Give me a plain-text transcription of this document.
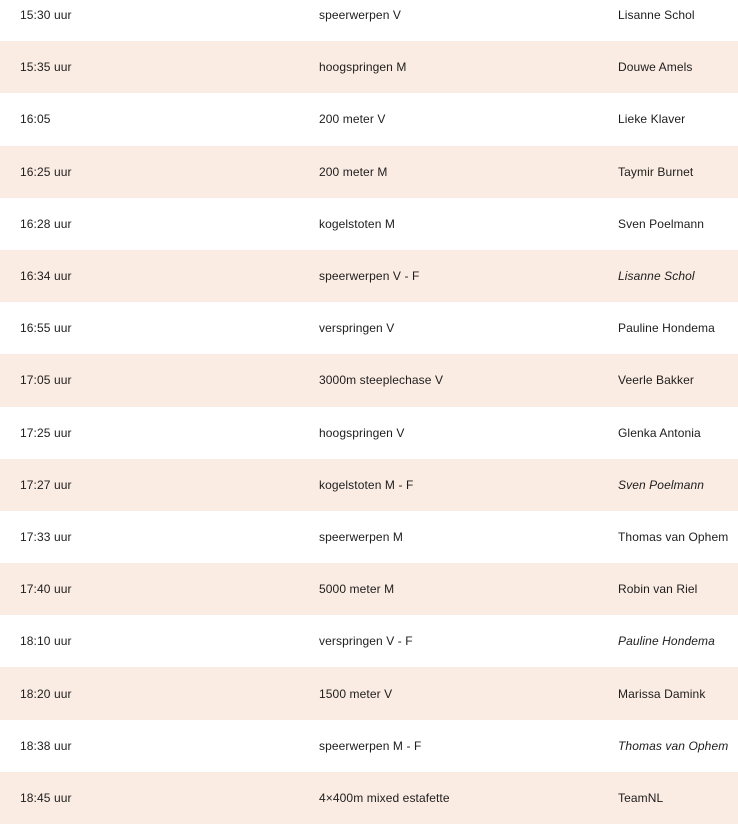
15:30 uur	speerwerpen V	Lisanne Schol
15:35 uur	hoogspringen M	Douwe Amels
16:05	200 meter V	Lieke Klaver
16:25 uur	200 meter M	Taymir Burnet
16:28 uur	kogelstoten M	Sven Poelmann
16:34 uur	speerwerpen V - F	Lisanne Schol
16:55 uur	verspringen V	Pauline Hondema
17:05 uur	3000m steeplechase V	Veerle Bakker
17:25 uur	hoogspringen V	Glenka Antonia
17:27 uur	kogelstoten M - F	Sven Poelmann
17:33 uur	speerwerpen M	Thomas van Ophem
17:40 uur	5000 meter M	Robin van Riel
18:10 uur	verspringen V - F	Pauline Hondema
18:20 uur	1500 meter V	Marissa Damink
18:38 uur	speerwerpen M - F	Thomas van Ophem
18:45 uur	4×400m mixed estafette	TeamNL
